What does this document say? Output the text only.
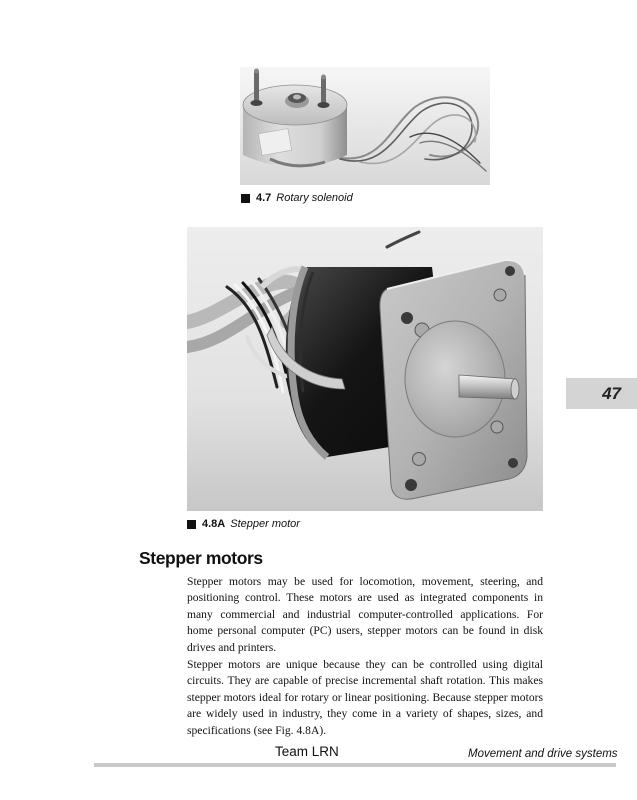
4.7 Rotary solenoid
4.8A Stepper motor
Stepper motors

Stepper motors may be used for locomotion, movement, steering, and positioning control. These motors are used as integrated components in many commercial and industrial computer-controlled applications. For home personal computer (PC) users, stepper motors can be found in disk drives and printers.

Stepper motors are unique because they can be controlled using digital circuits. They are capable of precise incremental shaft rotation. This makes stepper motors ideal for rotary or linear positioning. Because stepper motors are widely used in industry, they come in a variety of shapes, sizes, and specifications (see Fig. 4.8A).

47
Team LRN	Movement and drive systems
